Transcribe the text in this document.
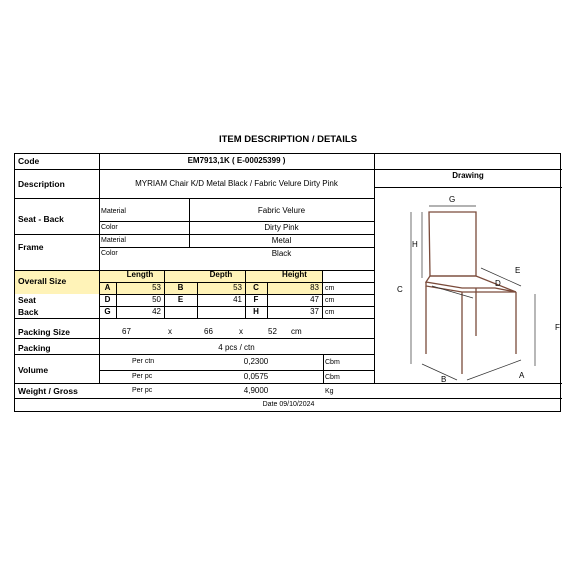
ITEM DESCRIPTION / DETAILS
Code	EM7913,1K ( E-00025399 )
Description	MYRIAM Chair K/D Metal Black / Fabric Velure Dirty Pink
Drawing
Seat - Back
Material	Fabric Velure
Color	Dirty Pink
Frame
Material	Metal
Color	Black
Length	Depth	Height
Overall Size
A	53	B	53	C	83 cm
Seat	D	50	E	41	F	47 cm
Back	G	42	H	37 cm
Packing Size	67	x	66	x	52 cm
Packing	4 pcs / ctn
Volume
Per ctn	0,2300	Cbm
Per pc	0,0575	Cbm
Weight / Gross	Per pc	4,9000	Kg
Date 09/10/2024
G
H
C
E
D
F
B	A
